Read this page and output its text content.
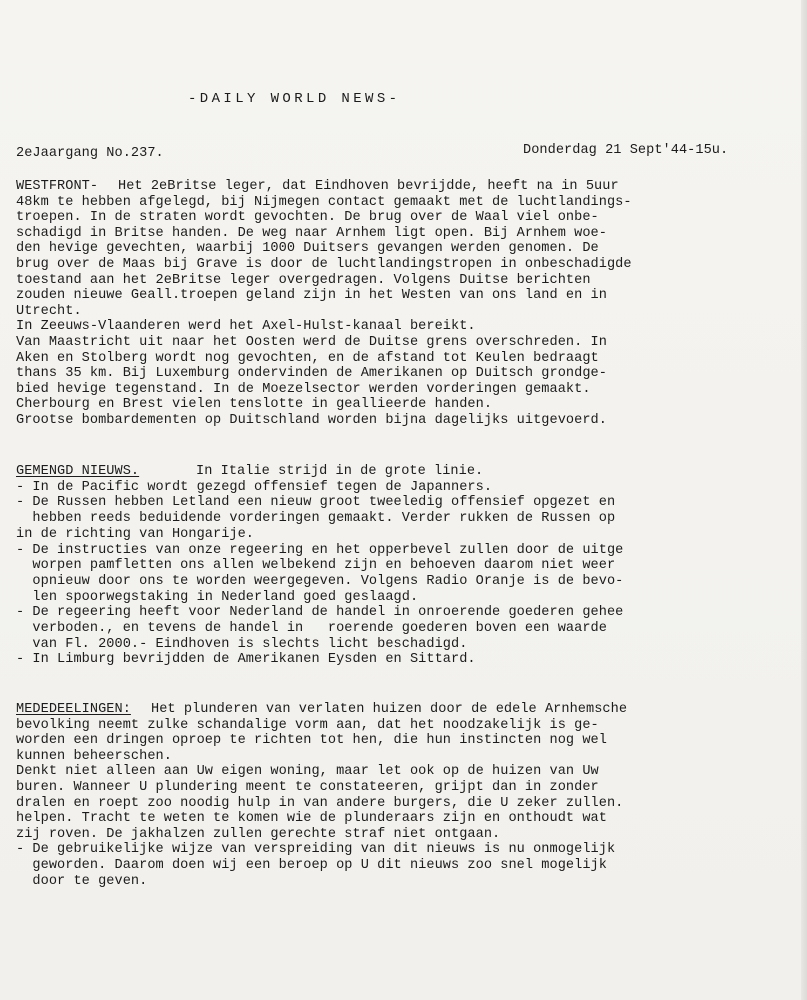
-DAILY WORLD NEWS-
2eJaargang No.237.	Donderdag 21 Sept'44-15u.
WESTFRONT- Het 2eBritse leger, dat Eindhoven bevrijdde, heeft na in 5uur
48km te hebben afgelegd, bij Nijmegen contact gemaakt met de luchtlandings-
troepen. In de straten wordt gevochten. De brug over de Waal viel onbe-
schadigd in Britse handen. De weg naar Arnhem ligt open. Bij Arnhem woe-
den hevige gevechten, waarbij 1000 Duitsers gevangen werden genomen. De
brug over de Maas bij Grave is door de luchtlandingstropen in onbeschadigde
toestand aan het 2eBritse leger overgedragen. Volgens Duitse berichten
zouden nieuwe Geall.troepen geland zijn in het Westen van ons land en in
Utrecht.
In Zeeuws-Vlaanderen werd het Axel-Hulst-kanaal bereikt.
Van Maastricht uit naar het Oosten werd de Duitse grens overschreden. In
Aken en Stolberg wordt nog gevochten, en de afstand tot Keulen bedraagt
thans 35 km. Bij Luxemburg ondervinden de Amerikanen op Duitsch grondge-
bied hevige tegenstand. In de Moezelsector werden vorderingen gemaakt.
Cherbourg en Brest vielen tenslotte in geallieerde handen.
Grootse bombardementen op Duitschland worden bijna dagelijks uitgevoerd.
GEMENGD NIEUWS.	In Italie strijd in de grote linie.
- In de Pacific wordt gezegd offensief tegen de Japanners.
- De Russen hebben Letland een nieuw groot tweeledig offensief opgezet en
hebben reeds beduidende vorderingen gemaakt. Verder rukken de Russen op
in de richting van Hongarije.
- De instructies van onze regeering en het opperbevel zullen door de uitge
worpen pamfletten ons allen welbekend zijn en behoeven daarom niet weer
opnieuw door ons te worden weergegeven. Volgens Radio Oranje is de bevo-
len spoorwegstaking in Nederland goed geslaagd.
- De regeering heeft voor Nederland de handel in onroerende goederen gehee
verboden., en tevens de handel in   roerende goederen boven een waarde
van Fl. 2000.- Eindhoven is slechts licht beschadigd.
- In Limburg bevrijdden de Amerikanen Eysden en Sittard.
MEDEDEELINGEN: Het plunderen van verlaten huizen door de edele Arnhemsche
bevolking neemt zulke schandalige vorm aan, dat het noodzakelijk is ge-
worden een dringen oproep te richten tot hen, die hun instincten nog wel
kunnen beheerschen.
Denkt niet alleen aan Uw eigen woning, maar let ook op de huizen van Uw
buren. Wanneer U plundering meent te constateeren, grijpt dan in zonder
dralen en roept zoo noodig hulp in van andere burgers, die U zeker zullen.
helpen. Tracht te weten te komen wie de plunderaars zijn en onthoudt wat
zij roven. De jakhalzen zullen gerechte straf niet ontgaan.
- De gebruikelijke wijze van verspreiding van dit nieuws is nu onmogelijk
geworden. Daarom doen wij een beroep op U dit nieuws zoo snel mogelijk
door te geven.
